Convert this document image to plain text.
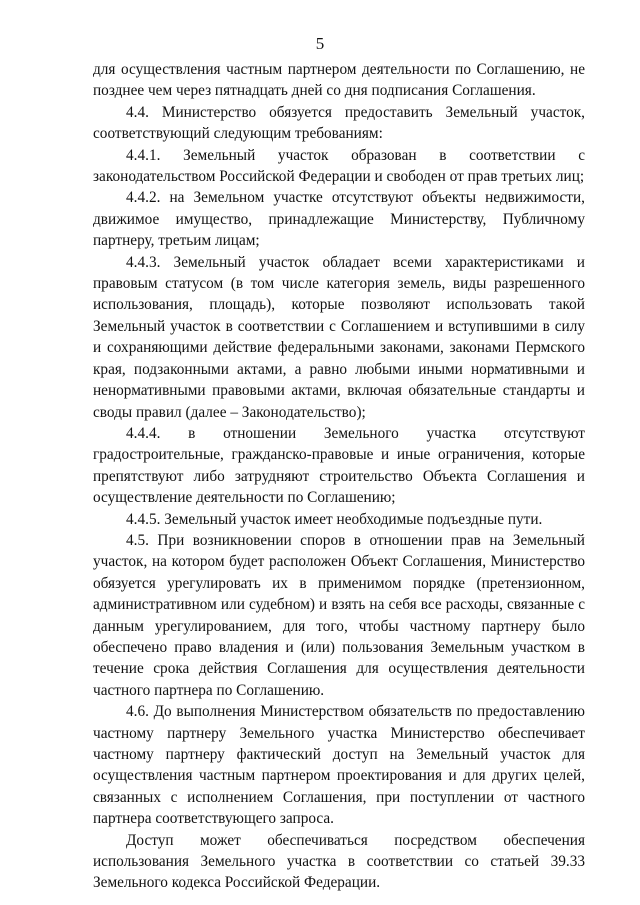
5

для осуществления частным партнером деятельности по Соглашению, не позднее чем через пятнадцать дней со дня подписания Соглашения.

4.4. Министерство обязуется предоставить Земельный участок, соответствующий следующим требованиям:

4.4.1. Земельный участок образован в соответствии с законодательством Российской Федерации и свободен от прав третьих лиц;

4.4.2. на Земельном участке отсутствуют объекты недвижимости, движимое имущество, принадлежащие Министерству, Публичному партнеру, третьим лицам;

4.4.3. Земельный участок обладает всеми характеристиками и правовым статусом (в том числе категория земель, виды разрешенного использования, площадь), которые позволяют использовать такой Земельный участок в соответствии с Соглашением и вступившими в силу и сохраняющими действие федеральными законами, законами Пермского края, подзаконными актами, а равно любыми иными нормативными и ненормативными правовыми актами, включая обязательные стандарты и своды правил (далее – Законодательство);

4.4.4. в отношении Земельного участка отсутствуют градостроительные, гражданско-правовые и иные ограничения, которые препятствуют либо затрудняют строительство Объекта Соглашения и осуществление деятельности по Соглашению;

4.4.5. Земельный участок имеет необходимые подъездные пути.

4.5. При возникновении споров в отношении прав на Земельный участок, на котором будет расположен Объект Соглашения, Министерство обязуется урегулировать их в применимом порядке (претензионном, административном или судебном) и взять на себя все расходы, связанные с данным урегулированием, для того, чтобы частному партнеру было обеспечено право владения и (или) пользования Земельным участком в течение срока действия Соглашения для осуществления деятельности частного партнера по Соглашению.

4.6. До выполнения Министерством обязательств по предоставлению частному партнеру Земельного участка Министерство обеспечивает частному партнеру фактический доступ на Земельный участок для осуществления частным партнером проектирования и для других целей, связанных с исполнением Соглашения, при поступлении от частного партнера соответствующего запроса.

Доступ может обеспечиваться посредством обеспечения использования Земельного участка в соответствии со статьей 39.33 Земельного кодекса Российской Федерации.
